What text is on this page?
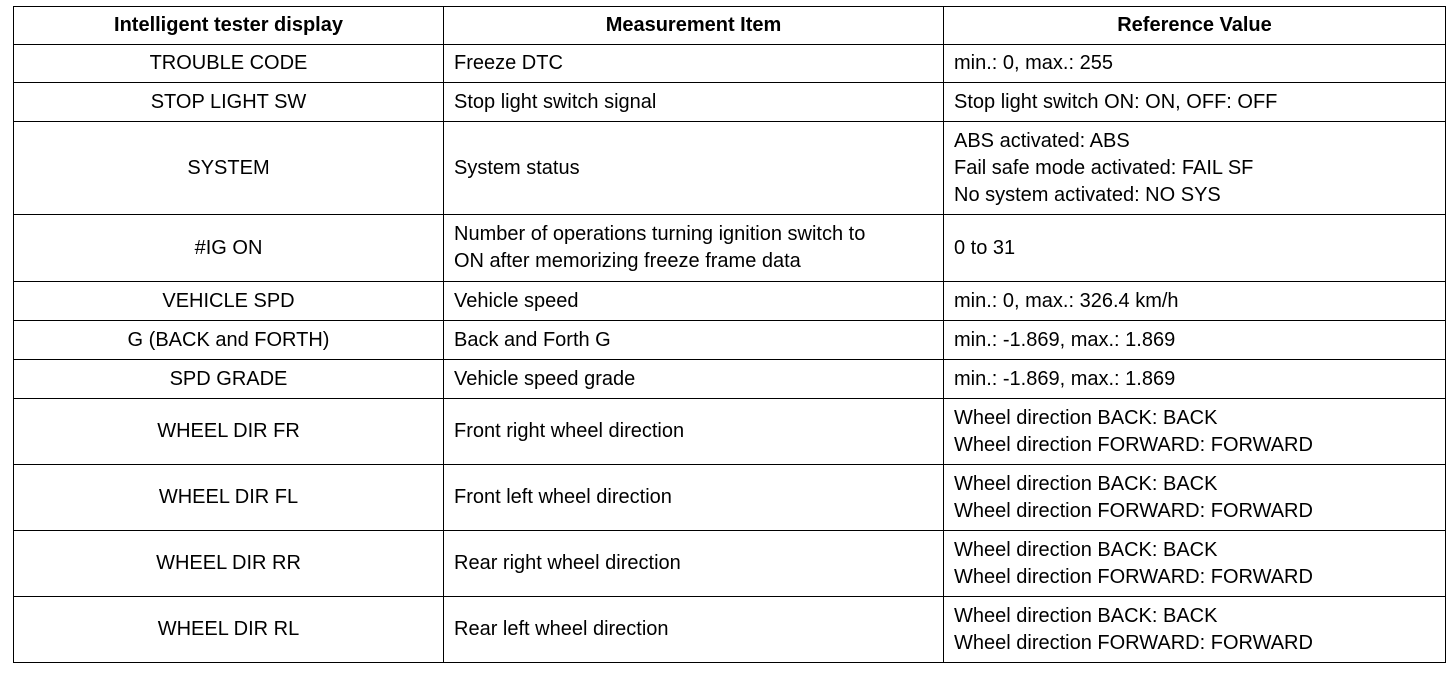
Intelligent tester display	Measurement Item	Reference Value
TROUBLE CODE	Freeze DTC	min.: 0, max.: 255

STOP LIGHT SW	Stop light switch signal	Stop light switch ON: ON, OFF: OFF

SYSTEM	System status	ABS activated: ABS
Fail safe mode activated: FAIL SF
No system activated: NO SYS

#IG ON	Number of operations turning ignition switch to
ON after memorizing freeze frame data	0 to 31

VEHICLE SPD	Vehicle speed	min.: 0, max.: 326.4 km/h

G (BACK and FORTH)	Back and Forth G	min.: -1.869, max.: 1.869

SPD GRADE	Vehicle speed grade	min.: -1.869, max.: 1.869

WHEEL DIR FR	Front right wheel direction	Wheel direction BACK: BACK
Wheel direction FORWARD: FORWARD

WHEEL DIR FL	Front left wheel direction	Wheel direction BACK: BACK
Wheel direction FORWARD: FORWARD

WHEEL DIR RR	Rear right wheel direction	Wheel direction BACK: BACK
Wheel direction FORWARD: FORWARD

WHEEL DIR RL	Rear left wheel direction	Wheel direction BACK: BACK
Wheel direction FORWARD: FORWARD
